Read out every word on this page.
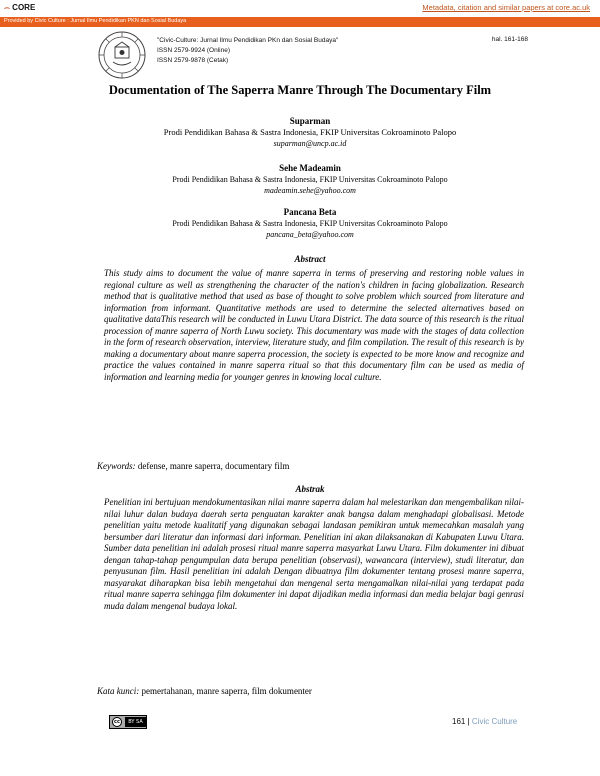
⌢ CORE	Metadata, citation and similar papers at core.ac.uk
Provided by Civic Culture : Jurnal Ilmu Pendidikan PKN dan Sosial Budaya
"Civic-Culture: Jurnal Ilmu Pendidikan PKn dan Sosial Budaya"
ISSN 2579-9924 (Online)
ISSN 2579-9878 (Cetak)
hal. 161-168
Documentation of The Saperra Manre Through The Documentary Film
Suparman
Prodi Pendidikan Bahasa & Sastra Indonesia, FKIP Universitas Cokroaminoto Palopo
suparman@uncp.ac.id
Sehe Madeamin
Prodi Pendidikan Bahasa & Sastra Indonesia, FKIP Universitas Cokroaminoto Palopo
madeamin.sehe@yahoo.com
Pancana Beta
Prodi Pendidikan Bahasa & Sastra Indonesia, FKIP Universitas Cokroaminoto Palopo
pancana_beta@yahoo.com
Abstract
This study aims to document the value of manre saperra in terms of preserving and restoring noble values in regional culture as well as strengthening the character of the nation's children in facing globalization. Research method that is qualitative method that used as base of thought to solve problem which sourced from literature and information from informant. Quantitative methods are used to determine the selected alternatives based on qualitative dataThis research will be conducted in Luwu Utara District. The data source of this research is the ritual procession of manre saperra of North Luwu society. This documentary was made with the stages of data collection in the form of research observation, interview, literature study, and film compilation. The result of this research is by making a documentary about manre saperra procession, the society is expected to be more know and recognize and practice the values contained in manre saperra ritual so that this documentary film can be used as media of information and learning media for younger genres in knowing local culture.
Keywords: defense, manre saperra, documentary film
Abstrak
Penelitian ini bertujuan mendokumentasikan nilai manre saperra dalam hal melestarikan dan mengembalikan nilai-nilai luhur dalan budaya daerah serta penguatan karakter anak bangsa dalam menghadapi globalisasi. Metode penelitian yaitu metode kualitatif yang digunakan sebagai landasan pemikiran untuk memecahkan masalah yang bersumber dari literatur dan informasi dari informan. Penelitian ini akan dilaksanakan di Kabupaten Luwu Utara. Sumber data penelitian ini adalah prosesi ritual manre saperra masyarkat Luwu Utara. Film dokumenter ini dibuat dengan tahap-tahap pengumpulan data berupa penelitian (observasi), wawancara (interview), studi literatur, dan penyusunan film. Hasil penelitian ini adalah Dengan dibuatnya film dokumenter tentang prosesi manre saperra, masyarakat diharapkan bisa lebih mengetahui dan mengenal serta mengamalkan nilai-nilai yang terdapat pada ritual manre saperra sehingga film dokumenter ini dapat dijadikan media informasi dan media belajar bagi genrasi muda dalam mengenal budaya lokal.
Kata kunci: pemertahanan, manre saperra, film dokumenter
cc	BY SA	161 | Civic Culture
